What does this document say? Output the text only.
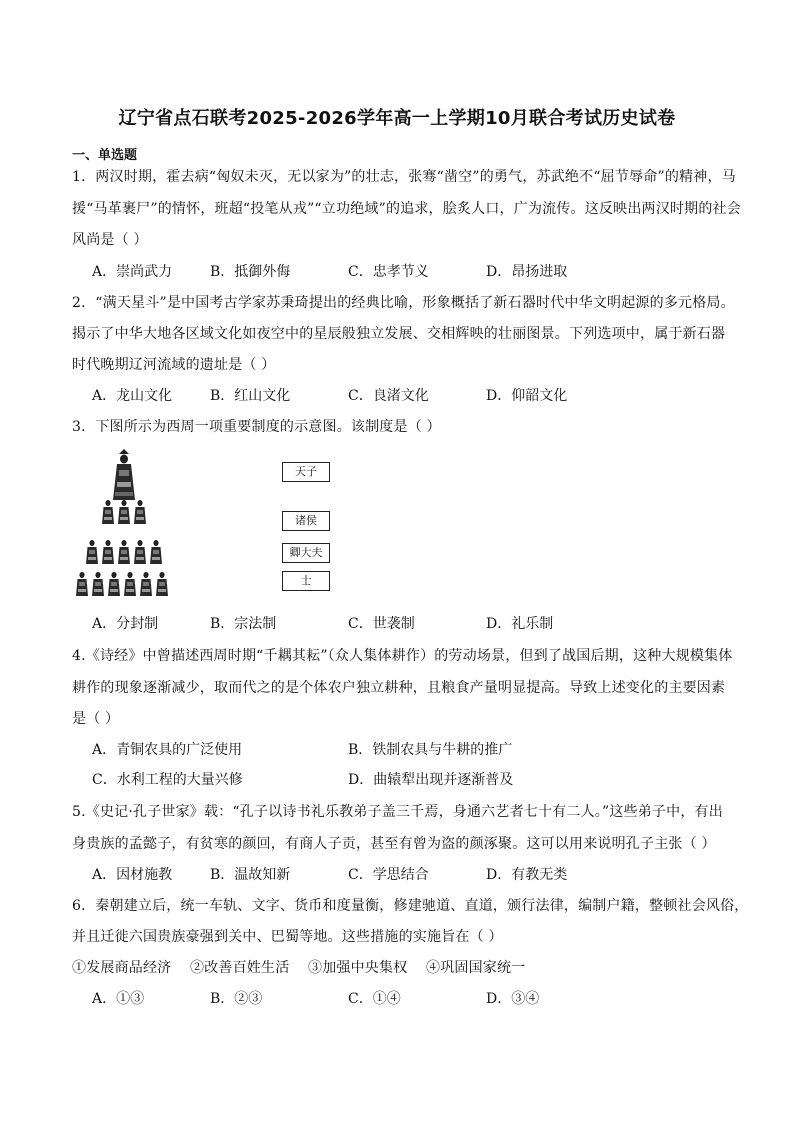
辽宁省点石联考2025-2026学年高一上学期10月联合考试历史试卷
一、单选题
1．两汉时期，霍去病“匈奴未灭，无以家为”的壮志，张骞“凿空”的勇气，苏武绝不“屈节辱命”的精神，马
援“马革裹尸”的情怀，班超“投笔从戎”“立功绝域”的追求，脍炙人口，广为流传。这反映出两汉时期的社会
风尚是（ ）
A．崇尚武力	B．抵御外侮	C．忠孝节义	D．昂扬进取
2．“满天星斗”是中国考古学家苏秉琦提出的经典比喻，形象概括了新石器时代中华文明起源的多元格局。
揭示了中华大地各区域文化如夜空中的星辰般独立发展、交相辉映的壮丽图景。下列选项中，属于新石器
时代晚期辽河流域的遗址是（ ）
A．龙山文化	B．红山文化	C．良渚文化	D．仰韶文化
3．下图所示为西周一项重要制度的示意图。该制度是（ ）
天子
诸侯
卿大夫
士
A．分封制	B．宗法制	C．世袭制	D．礼乐制
4.《诗经》中曾描述西周时期“千耦其耘”（众人集体耕作）的劳动场景，但到了战国后期，这种大规模集体
耕作的现象逐渐减少，取而代之的是个体农户独立耕种，且粮食产量明显提高。导致上述变化的主要因素
是（ ）
A．青铜农具的广泛使用	B．铁制农具与牛耕的推广
C．水利工程的大量兴修	D．曲辕犁出现并逐渐普及
5.《史记·孔子世家》载：“孔子以诗书礼乐教弟子盖三千焉，身通六艺者七十有二人。”这些弟子中，有出
身贵族的孟懿子，有贫寒的颜回，有商人子贡，甚至有曾为盗的颜涿聚。这可以用来说明孔子主张（ ）
A．因材施教	B．温故知新	C．学思结合	D．有教无类
6．秦朝建立后，统一车轨、文字、货币和度量衡，修建驰道、直道，颁行法律，编制户籍，整顿社会风俗，
并且迁徙六国贵族豪强到关中、巴蜀等地。这些措施的实施旨在（ ）
①发展商品经济    ②改善百姓生活    ③加强中央集权    ④巩固国家统一
A．①③	B．②③	C．①④	D．③④
